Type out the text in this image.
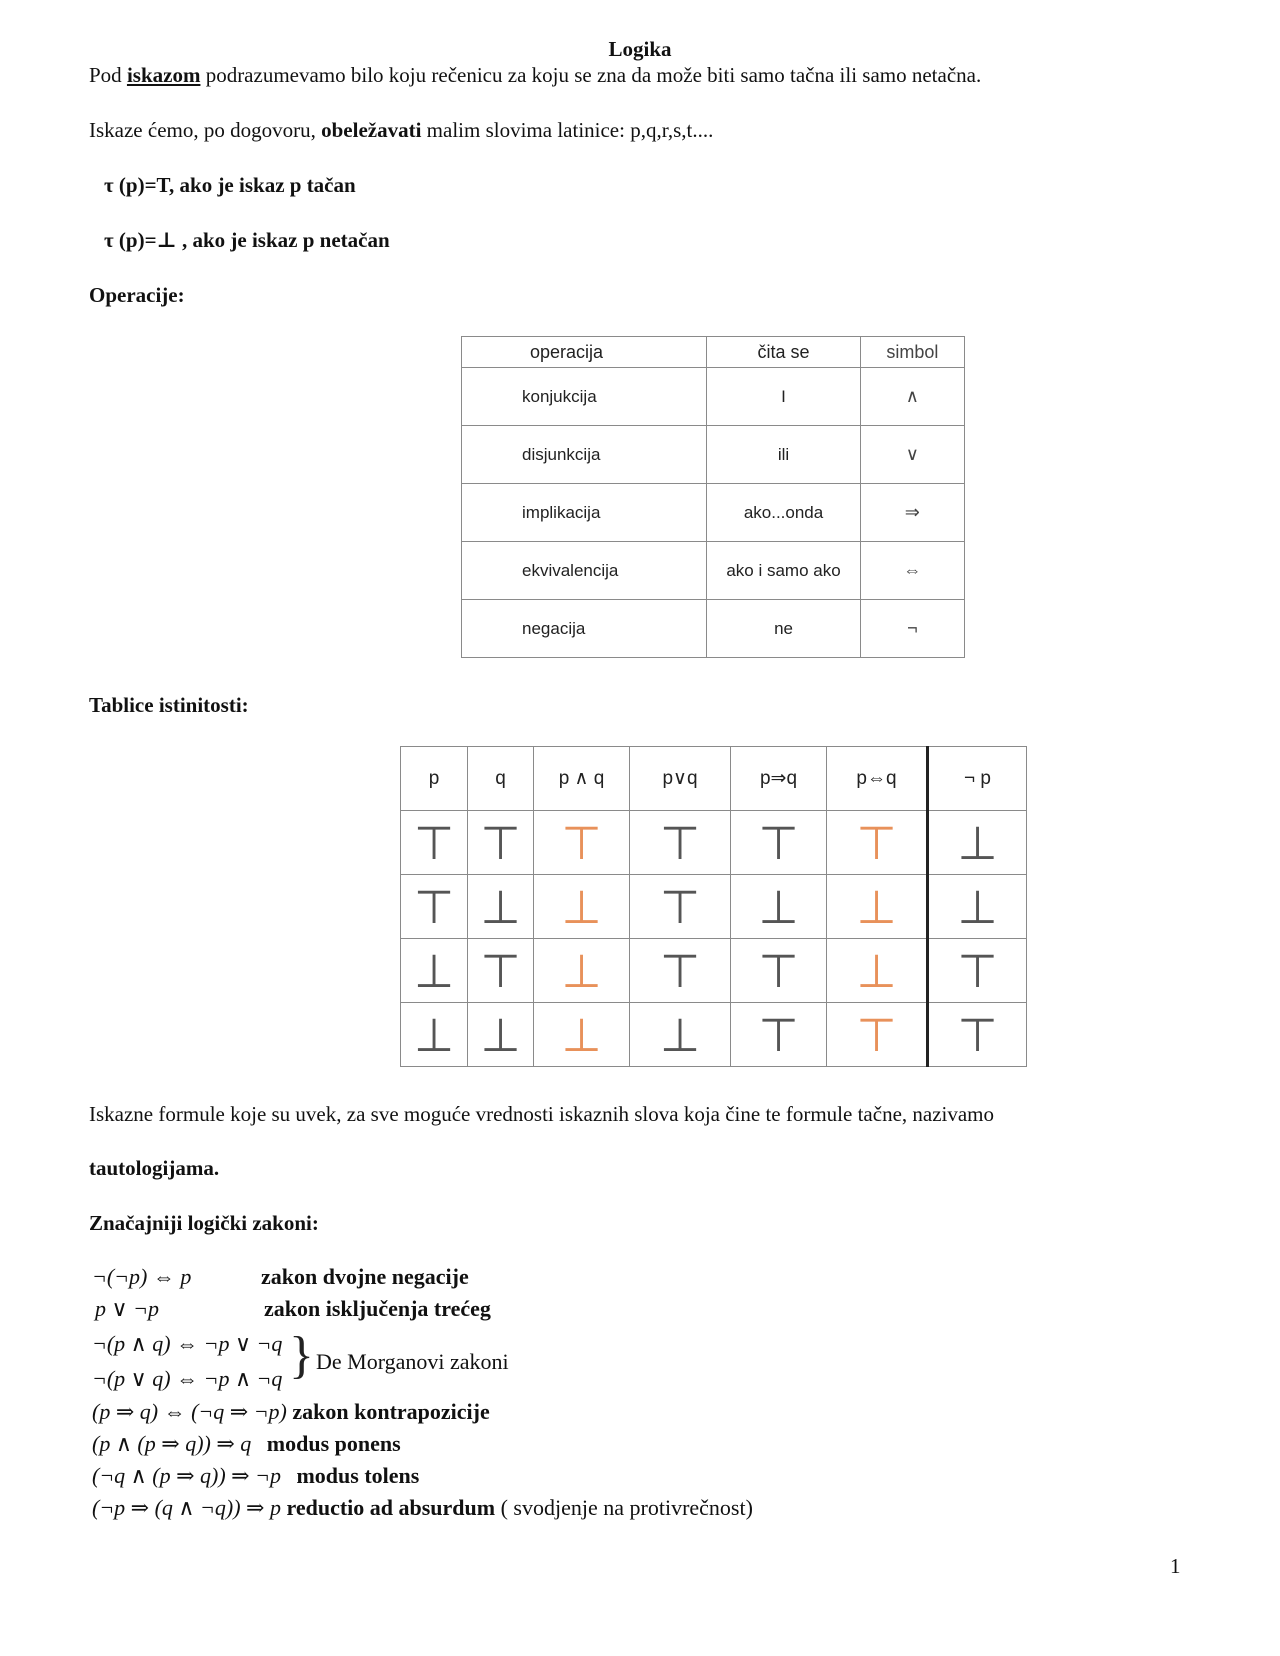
Logika
Pod iskazom podrazumevamo bilo koju rečenicu za koju se zna da može biti samo tačna ili samo netačna.
Iskaze ćemo, po dogovoru, obeležavati malim slovima latinice: p,q,r,s,t....
τ (p)=T, ako je iskaz p tačan
τ (p)=⊥ , ako je iskaz p netačan
Operacije:
operacija	čita se	simbol
konjukcija	I	∧
disjunkcija	ili	∨
implikacija	ako...onda	⇒
ekvivalencija	ako i samo ako	⇔
negacija	ne	¬
Tablice istinitosti:
p	q	p ∧ q	p∨q	p⇒q	p⇔q	¬ p
⊤	⊤	⊤	⊤	⊤	⊤	⊥
⊤	⊥	⊥	⊤	⊥	⊥	⊥
⊥	⊤	⊥	⊤	⊤	⊥	⊤
⊥	⊥	⊥	⊥	⊤	⊤	⊤
Iskazne formule koje su uvek, za sve moguće vrednosti iskaznih slova koja čine te formule tačne, nazivamo
tautologijama.
Značajniji logički zakoni:
¬(¬p) ⇔ p	zakon dvojne negacije
p ∨ ¬p	zakon isključenja trećeg
¬(p ∧ q) ⇔ ¬p ∨ ¬q
¬(p ∨ q) ⇔ ¬p ∧ ¬q } De Morganovi zakoni
(p ⇒ q) ⇔ (¬q ⇒ ¬p) zakon kontrapozicije
(p ∧ (p ⇒ q)) ⇒ q modus ponens
(¬q ∧ (p ⇒ q)) ⇒ ¬p modus tolens
(¬p ⇒ (q ∧ ¬q)) ⇒ p reductio ad absurdum ( svodjenje na protivrečnost)
1
